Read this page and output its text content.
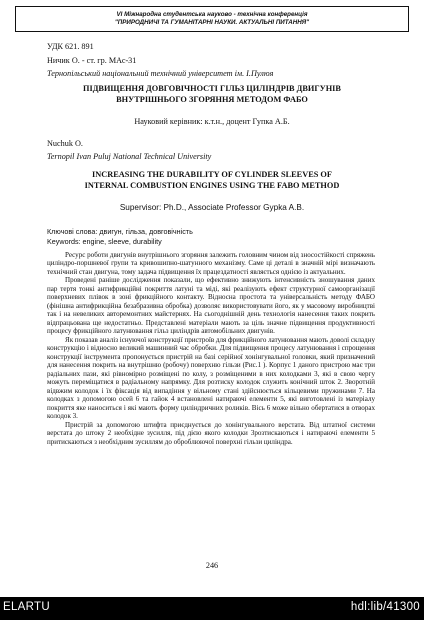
VI Міжнародна студентська науково - технічна конференція
"ПРИРОДНИЧІ ТА ГУМАНІТАРНІ НАУКИ. АКТУАЛЬНІ ПИТАННЯ"
УДК 621. 891
Ничик О. - ст. гр. МАс-31
Тернопільський національний технічний університет ім. І.Пулюя
ПІДВИЩЕННЯ ДОВГОВІЧНОСТІ ГІЛЬЗ ЦИЛІНДРІВ ДВИГУНІВ
ВНУТРІШНЬОГО ЗГОРЯННЯ МЕТОДОМ ФАБО
Науковий керівник: к.т.н., доцент Гупка А.Б.
Nuchuk O.
Ternopil Ivan Puluj National Technical University
INCREASING THE DURABILITY OF CYLINDER SLEEVES OF
INTERNAL COMBUSTION ENGINES USING THE FABO METHOD
Supervisor: Ph.D., Associate Professor Gypka A.B.
Ключові слова: двигун, гільза, довговічність
Keywords: engine, sleeve, durability

Ресурс роботи двигунів внутрішнього згоряння залежить головним чином від зносостійкості спряжень циліндро-поршневої групи та кривошипно-шатунного механізму. Саме ці деталі в значній мірі визначають технічний стан двигуна, тому задача підвищення їх працездатності являється однією із актуальних.

Проведені раніше дослідження показали, що ефективно знижують інтенсивність зношування даних пар тертя тонкі антифрикційні покриття латуні та міді, які реалізують ефект структурної самоорганізації поверхневих плівок в зоні фрикційного контакту. Відносна простота та універсальність методу ФАБО (фінішна антифрикційна безабразивна обробка) дозволяє використовувати його, як у масовому виробництві так і на невеликих авторемонтних майстернях. На сьогоднішній день технологія нанесення таких покрить відпрацьована ще недостатньо. Представлені матеріали мають за ціль значне підвищення продуктивності процесу фрикційного латунювання гільз циліндрів автомобільних двигунів.

Як показав аналіз існуючої конструкції пристроїв для фрикційного латунювання мають доволі складну конструкцію і відносно великий машинний час обробки. Для підвищення процесу латунювання і спрощення конструкції інструмента пропонується пристрій на базі серійної хонінгувальної головки, який призначений для нанесення покрить на внутрішню (робочу) поверхню гільзи (Рис.1 ). Корпус 1 даного пристрою має три радіальних пази, які рівномірно розміщені по колу, з розміщеними в них колодками 3, які в свою чергу можуть переміщатися в радіальному напрямку. Для розтиску колодок служить конічний шток 2. Зворотній відвжим колодок і їх фіксація від випадіння у вільному стані здійснюється кільцевими пружинами 7. На колодках з допомогою осей 6 та гайок 4 встановлені натираючі елементи 5, які виготовлені із матеріалу покриття яке наноситься і які мають форму циліндричних роликів. Вісь 6 може вільно обертатися в отворах колодок 3.

Пристрій за допомогою штифта приєднується до хонінгувального верстата. Від штатної системи верстата до штоку 2 необхідне зусилля, під дією якого колодки 3розтискаються і натираючі елементи 5 притискаються з необхідним зусиллям до оброблюючої поверхні гільзи циліндра.

246
ELARTU	hdl:lib/41300
